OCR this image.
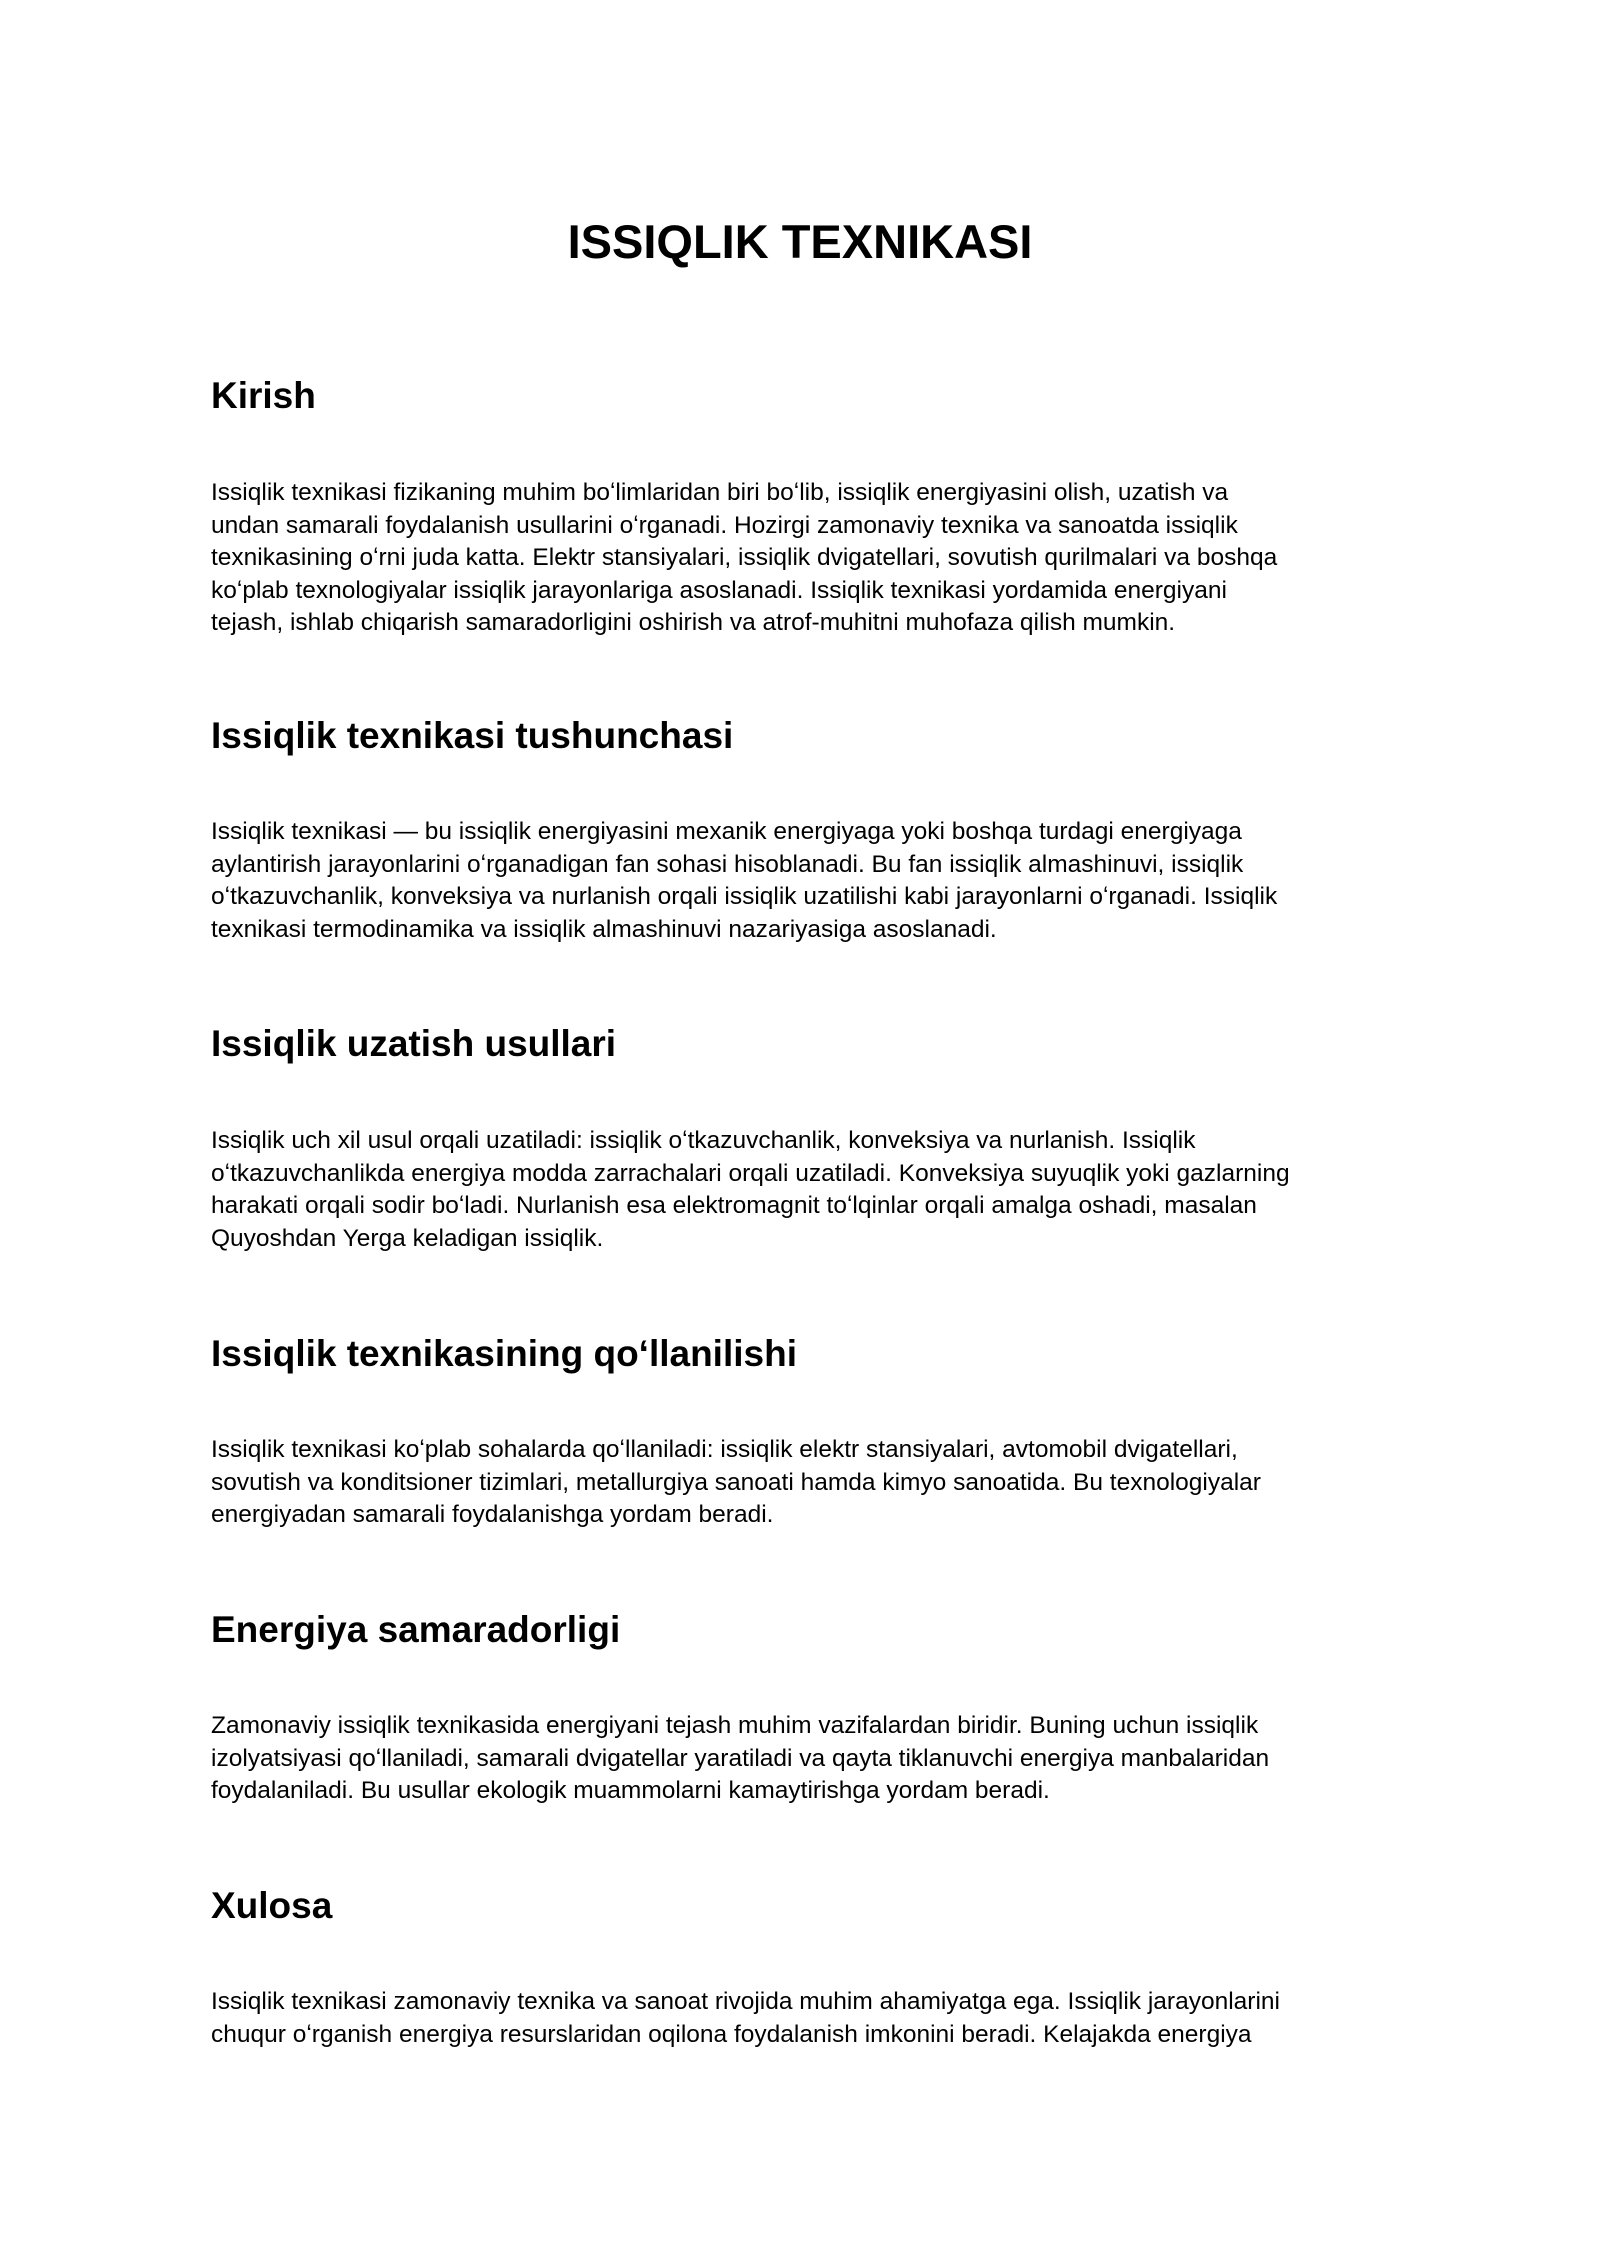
ISSIQLIK TEXNIKASI
Kirish

Issiqlik texnikasi fizikaning muhim boʻlimlaridan biri boʻlib, issiqlik energiyasini olish, uzatish va
undan samarali foydalanish usullarini oʻrganadi. Hozirgi zamonaviy texnika va sanoatda issiqlik
texnikasining oʻrni juda katta. Elektr stansiyalari, issiqlik dvigatellari, sovutish qurilmalari va boshqa
koʻplab texnologiyalar issiqlik jarayonlariga asoslanadi. Issiqlik texnikasi yordamida energiyani
tejash, ishlab chiqarish samaradorligini oshirish va atrof-muhitni muhofaza qilish mumkin.

Issiqlik texnikasi tushunchasi

Issiqlik texnikasi — bu issiqlik energiyasini mexanik energiyaga yoki boshqa turdagi energiyaga
aylantirish jarayonlarini oʻrganadigan fan sohasi hisoblanadi. Bu fan issiqlik almashinuvi, issiqlik
oʻtkazuvchanlik, konveksiya va nurlanish orqali issiqlik uzatilishi kabi jarayonlarni oʻrganadi. Issiqlik
texnikasi termodinamika va issiqlik almashinuvi nazariyasiga asoslanadi.

Issiqlik uzatish usullari

Issiqlik uch xil usul orqali uzatiladi: issiqlik oʻtkazuvchanlik, konveksiya va nurlanish. Issiqlik
oʻtkazuvchanlikda energiya modda zarrachalari orqali uzatiladi. Konveksiya suyuqlik yoki gazlarning
harakati orqali sodir boʻladi. Nurlanish esa elektromagnit toʻlqinlar orqali amalga oshadi, masalan
Quyoshdan Yerga keladigan issiqlik.

Issiqlik texnikasining qoʻllanilishi

Issiqlik texnikasi koʻplab sohalarda qoʻllaniladi: issiqlik elektr stansiyalari, avtomobil dvigatellari,
sovutish va konditsioner tizimlari, metallurgiya sanoati hamda kimyo sanoatida. Bu texnologiyalar
energiyadan samarali foydalanishga yordam beradi.

Energiya samaradorligi

Zamonaviy issiqlik texnikasida energiyani tejash muhim vazifalardan biridir. Buning uchun issiqlik
izolyatsiyasi qoʻllaniladi, samarali dvigatellar yaratiladi va qayta tiklanuvchi energiya manbalaridan
foydalaniladi. Bu usullar ekologik muammolarni kamaytirishga yordam beradi.

Xulosa

Issiqlik texnikasi zamonaviy texnika va sanoat rivojida muhim ahamiyatga ega. Issiqlik jarayonlarini
chuqur oʻrganish energiya resurslaridan oqilona foydalanish imkonini beradi. Kelajakda energiya
